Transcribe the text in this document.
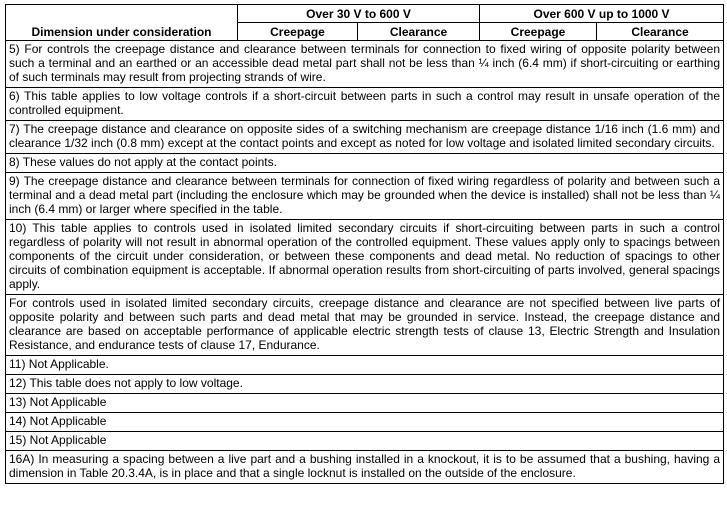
Dimension under consideration	Over 30 V to 600 V		Over 600 V up to 1000 V	
	Creepage	Clearance	Creepage	Clearance
5) For controls the creepage distance and clearance between terminals for connection to fixed wiring of opposite polarity between such a terminal and an earthed or an accessible dead metal part shall not be less than ¼ inch (6.4 mm) if short-circuiting or earthing of such terminals may result from projecting strands of wire.				
6) This table applies to low voltage controls if a short-circuit between parts in such a control may result in unsafe operation of the controlled equipment.				
7) The creepage distance and clearance on opposite sides of a switching mechanism are creepage distance 1/16 inch (1.6 mm) and clearance 1/32 inch (0.8 mm) except at the contact points and except as noted for low voltage and isolated limited secondary circuits.				
8) These values do not apply at the contact points.				
9) The creepage distance and clearance between terminals for connection of fixed wiring regardless of polarity and between such a terminal and a dead metal part (including the enclosure which may be grounded when the device is installed) shall not be less than ¼ inch (6.4 mm) or larger where specified in the table.				
10) This table applies to controls used in isolated limited secondary circuits if short-circuiting between parts in such a control regardless of polarity will not result in abnormal operation of the controlled equipment. These values apply only to spacings between components of the circuit under consideration, or between these components and dead metal. No reduction of spacings to other circuits of combination equipment is acceptable. If abnormal operation results from short-circuiting of parts involved, general spacings apply.				
For controls used in isolated limited secondary circuits, creepage distance and clearance are not specified between live parts of opposite polarity and between such parts and dead metal that may be grounded in service. Instead, the creepage distance and clearance are based on acceptable performance of applicable electric strength tests of clause 13, Electric Strength and Insulation Resistance, and endurance tests of clause 17, Endurance.				
11) Not Applicable.				
12) This table does not apply to low voltage.				
13) Not Applicable				
14) Not Applicable				
15) Not Applicable				
16A) In measuring a spacing between a live part and a bushing installed in a knockout, it is to be assumed that a bushing, having a dimension in Table 20.3.4A, is in place and that a single locknut is installed on the outside of the enclosure.				
